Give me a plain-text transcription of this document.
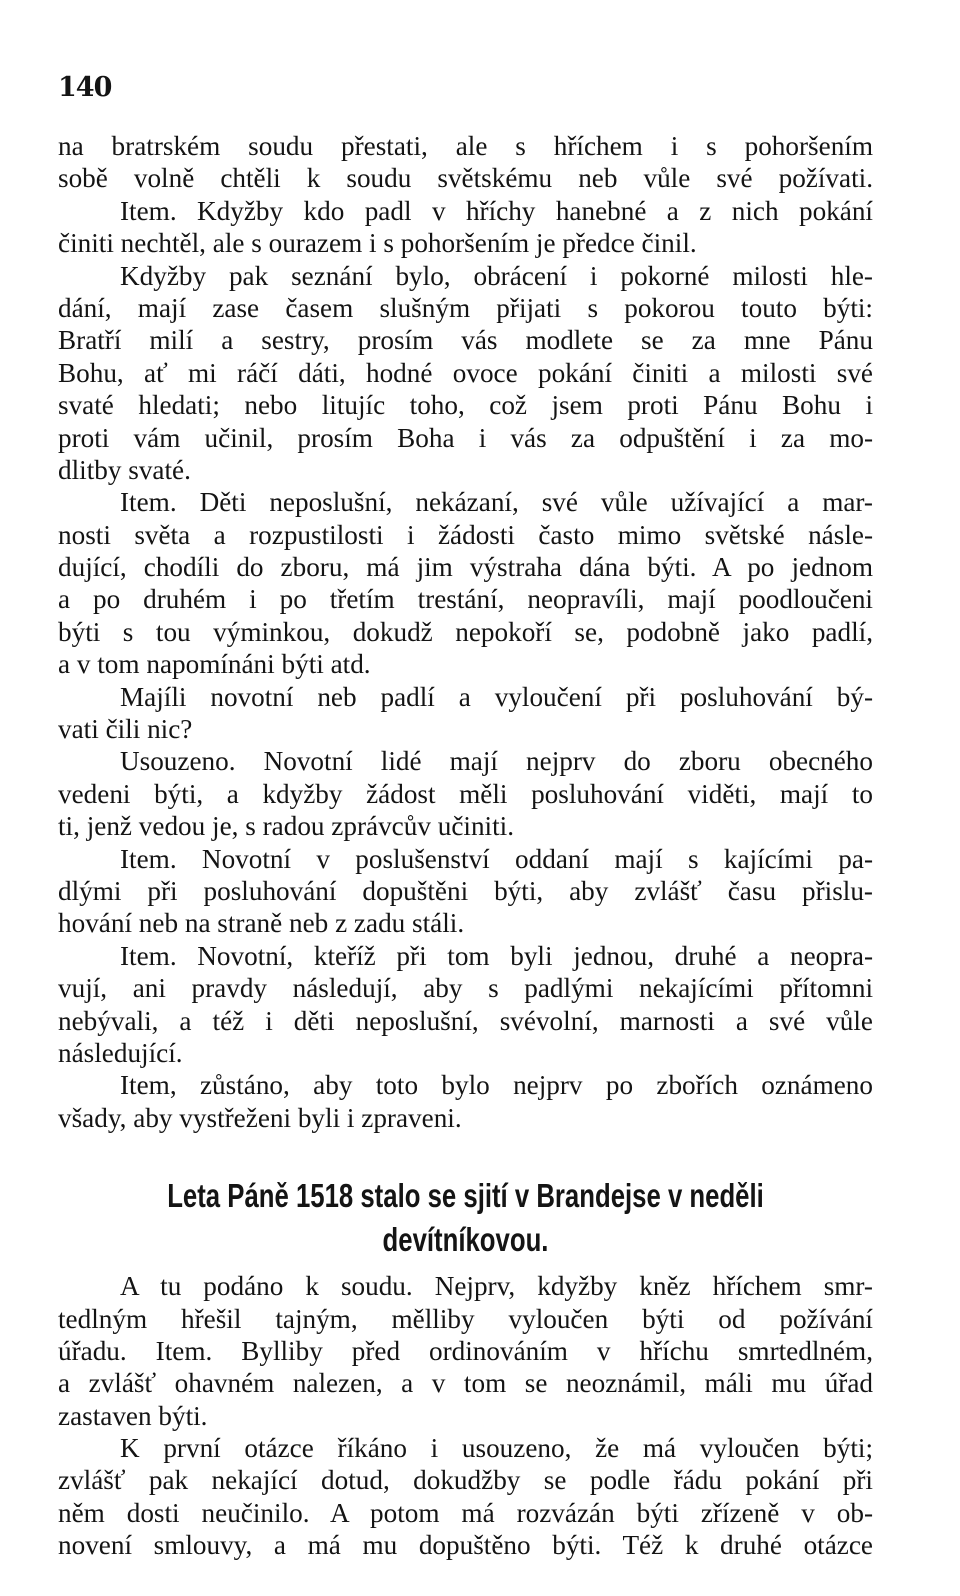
140
na bratrském soudu přestati, ale s hříchem i s pohoršením
sobě volně chtěli k soudu světskému neb vůle své požívati.
Item. Kdyžby kdo padl v hříchy hanebné a z nich pokání
činiti nechtěl, ale s ourazem i s pohoršením je předce činil.
Kdyžby pak seznání bylo, obrácení i pokorné milosti hle-
dání, mají zase časem slušným přijati s pokorou touto býti:
Bratří milí a sestry, prosím vás modlete se za mne Pánu
Bohu, ať mi ráčí dáti, hodné ovoce pokání činiti a milosti své
svaté hledati; nebo litujíc toho, což jsem proti Pánu Bohu i
proti vám učinil, prosím Boha i vás za odpuštění i za mo-
dlitby svaté.
Item. Děti neposlušní, nekázaní, své vůle užívající a mar-
nosti světa a rozpustilosti i žádosti často mimo světské násle-
dující, chodíli do zboru, má jim výstraha dána býti. A po jednom
a po druhém i po třetím trestání, neopravíli, mají poodloučeni
býti s tou výminkou, dokudž nepokoří se, podobně jako padlí,
a v tom napomínáni býti atd.
Majíli novotní neb padlí a vyloučení při posluhování bý-
vati čili nic?
Usouzeno. Novotní lidé mají nejprv do zboru obecného
vedeni býti, a kdyžby žádost měli posluhování viděti, mají to
ti, jenž vedou je, s radou zprávcův učiniti.
Item. Novotní v poslušenství oddaní mají s kajícími pa-
dlými při posluhování dopuštěni býti, aby zvlášť času přislu-
hování neb na straně neb z zadu stáli.
Item. Novotní, kteříž při tom byli jednou, druhé a neopra-
vují, ani pravdy následují, aby s padlými nekajícími přítomni
nebývali, a též i děti neposlušní, svévolní, marnosti a své vůle
následující.
Item, zůstáno, aby toto bylo nejprv po zbořích oznámeno
všady, aby vystřeženi byli i zpraveni.
Leta Páně 1518 stalo se sjití v Brandejse v neděli
devítníkovou.
A tu podáno k soudu. Nejprv, kdyžby kněz hříchem smr-
tedlným hřešil tajným, mělliby vyloučen býti od požívání
úřadu. Item. Bylliby před ordinováním v hříchu smrtedlném,
a zvlášť ohavném nalezen, a v tom se neoznámil, máli mu úřad
zastaven býti.
K první otázce říkáno i usouzeno, že má vyloučen býti;
zvlášť pak nekající dotud, dokudžby se podle řádu pokání při
něm dosti neučinilo. A potom má rozvázán býti zřízeně v ob-
novení smlouvy, a má mu dopuštěno býti. Též k druhé otázce
